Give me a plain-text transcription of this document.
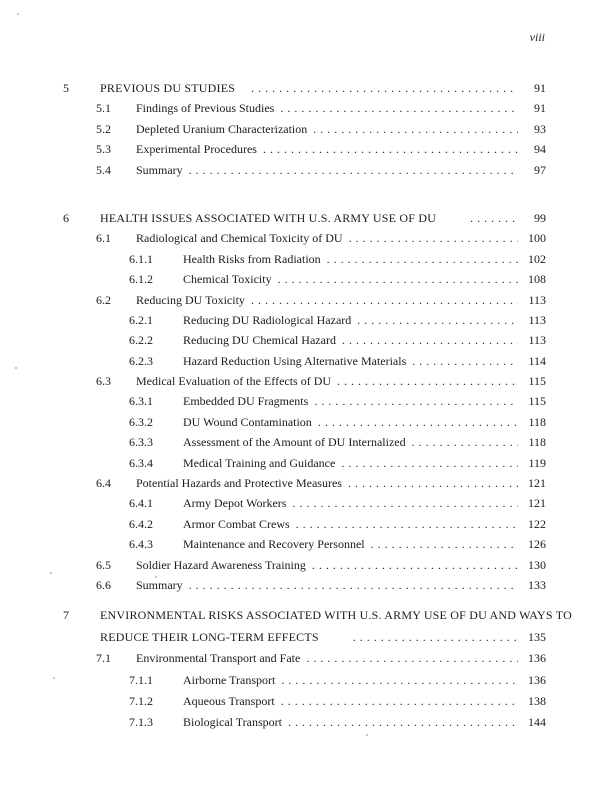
viii
5	PREVIOUS DU STUDIES .....	91
5.1	Findings of Previous Studies .....	91
5.2	Depleted Uranium Characterization .....	93
5.3	Experimental Procedures .....	94
5.4	Summary .....	97
6	HEALTH ISSUES ASSOCIATED WITH U.S. ARMY USE OF DU .....	99
6.1	Radiological and Chemical Toxicity of DU .....	100
6.1.1	Health Risks from Radiation .....	102
6.1.2	Chemical Toxicity .....	108
6.2	Reducing DU Toxicity .....	113
6.2.1	Reducing DU Radiological Hazard .....	113
6.2.2	Reducing DU Chemical Hazard .....	113
6.2.3	Hazard Reduction Using Alternative Materials .....	114
6.3	Medical Evaluation of the Effects of DU .....	115
6.3.1	Embedded DU Fragments .....	115
6.3.2	DU Wound Contamination .....	118
6.3.3	Assessment of the Amount of DU Internalized .....	118
6.3.4	Medical Training and Guidance .....	119
6.4	Potential Hazards and Protective Measures .....	121
6.4.1	Army Depot Workers .....	121
6.4.2	Armor Combat Crews .....	122
6.4.3	Maintenance and Recovery Personnel .....	126
6.5	Soldier Hazard Awareness Training .....	130
6.6	Summary .....	133
7	ENVIRONMENTAL RISKS ASSOCIATED WITH U.S. ARMY USE OF DU AND WAYS TO
REDUCE THEIR LONG-TERM EFFECTS .....	135
7.1	Environmental Transport and Fate .....	136
7.1.1	Airborne Transport .....	136
7.1.2	Aqueous Transport .....	138
7.1.3	Biological Transport .....	144
